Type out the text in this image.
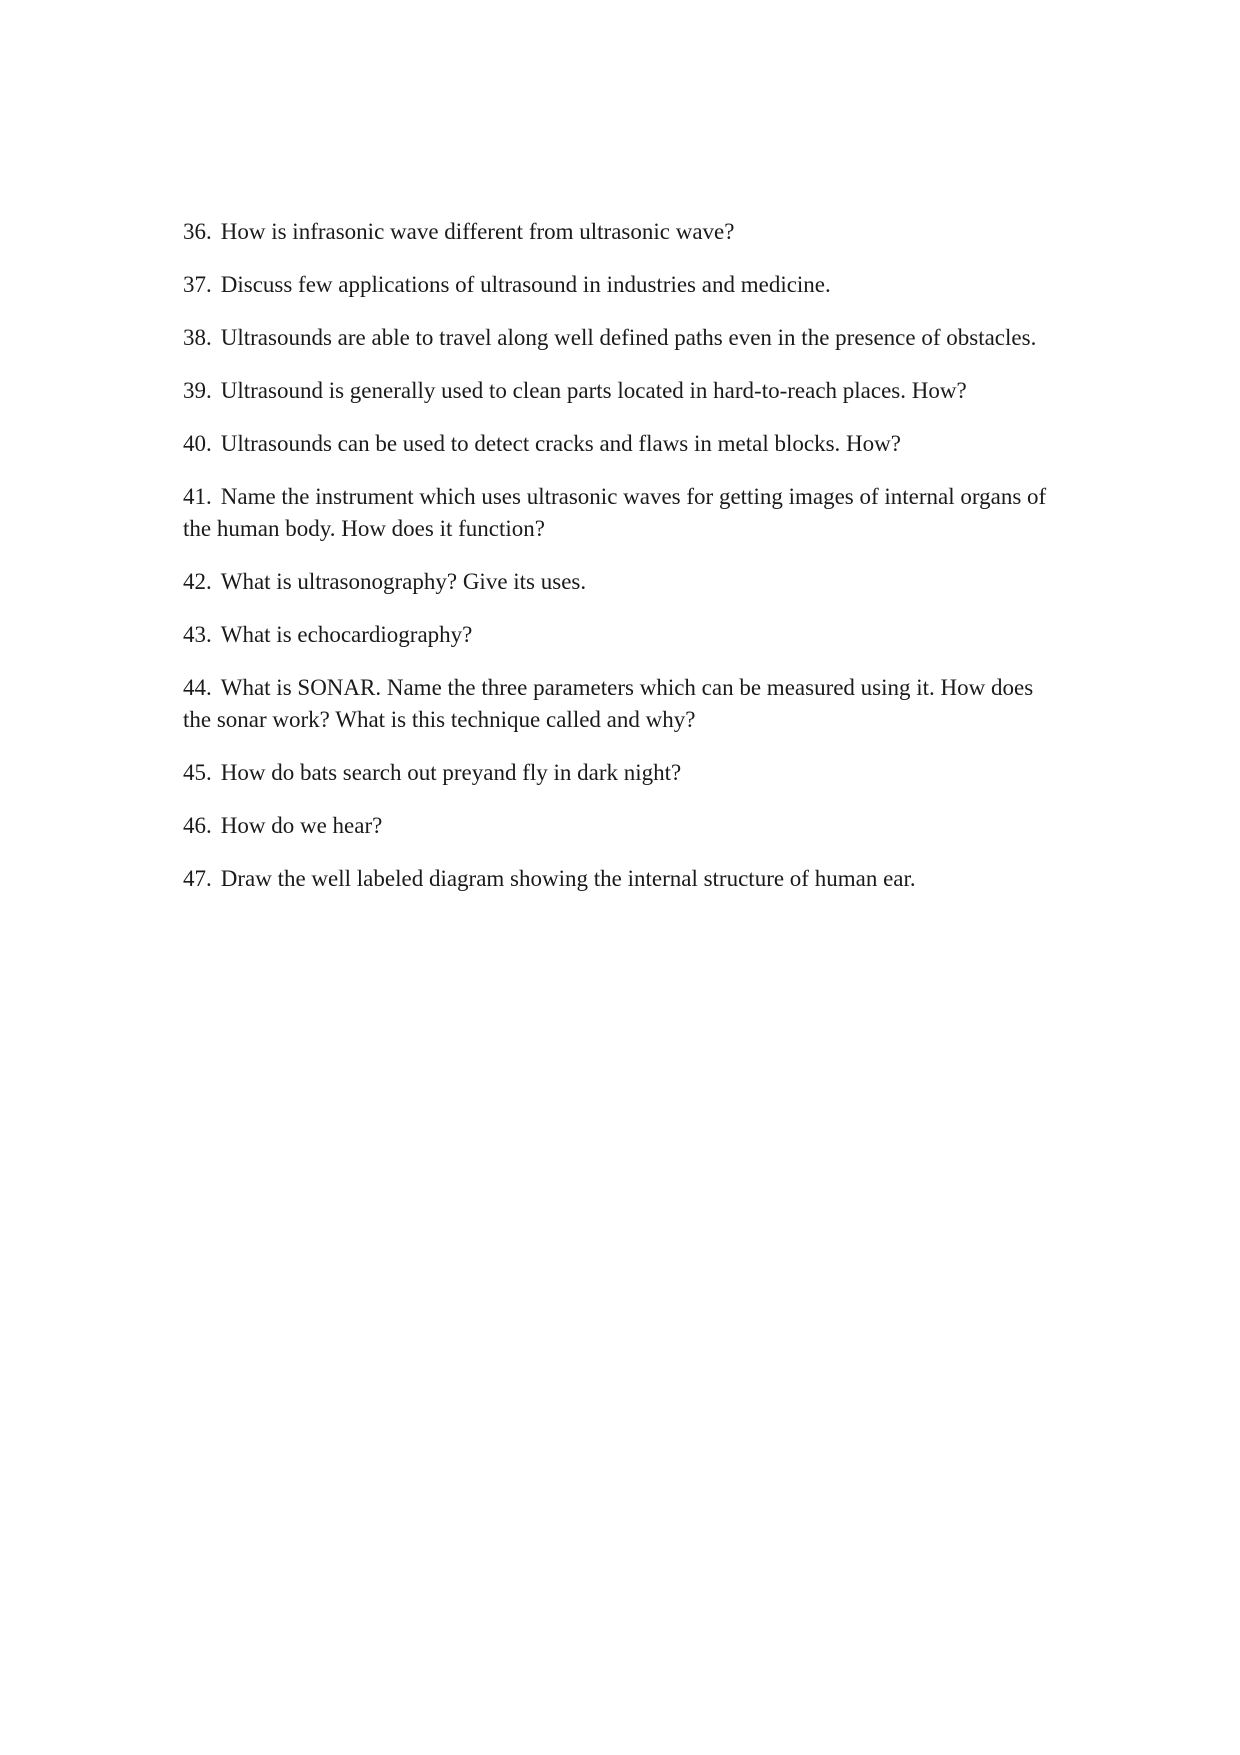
36. How is infrasonic wave different from ultrasonic wave?
37. Discuss few applications of ultrasound in industries and medicine.
38. Ultrasounds are able to travel along well defined paths even in the presence of obstacles.
39. Ultrasound is generally used to clean parts located in hard-to-reach places. How?
40. Ultrasounds can be used to detect cracks and flaws in metal blocks. How?
41. Name the instrument which uses ultrasonic waves for getting images of internal organs of the human body. How does it function?
42. What is ultrasonography? Give its uses.
43. What is echocardiography?
44. What is SONAR. Name the three parameters which can be measured using it. How does the sonar work? What is this technique called and why?
45. How do bats search out preyand fly in dark night?
46. How do we hear?
47. Draw the well labeled diagram showing the internal structure of human ear.
